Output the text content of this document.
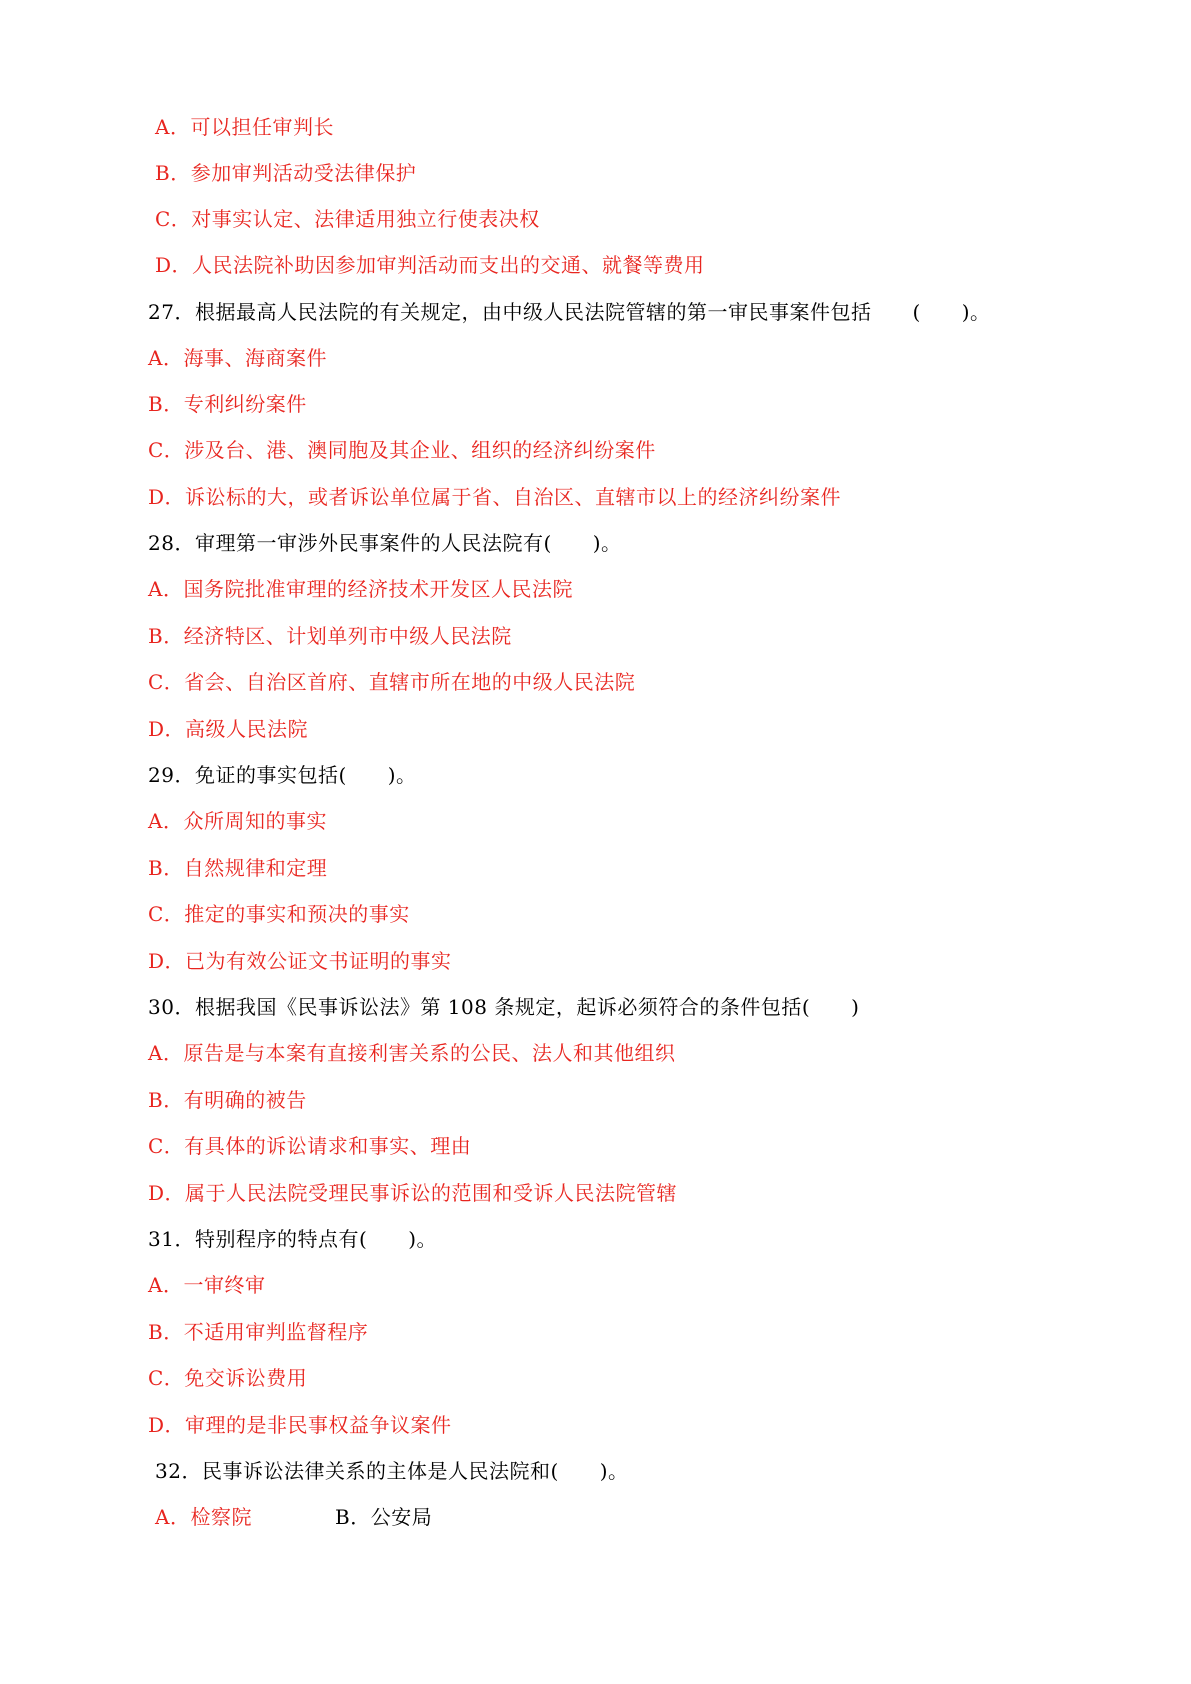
A．可以担任审判长
B．参加审判活动受法律保护
C．对事实认定、法律适用独立行使表决权
D．人民法院补助因参加审判活动而支出的交通、就餐等费用
27．根据最高人民法院的有关规定，由中级人民法院管辖的第一审民事案件包括　　(　　)。
A．海事、海商案件
B．专利纠纷案件
C．涉及台、港、澳同胞及其企业、组织的经济纠纷案件
D．诉讼标的大，或者诉讼单位属于省、自治区、直辖市以上的经济纠纷案件
28．审理第一审涉外民事案件的人民法院有(　　)。
A．国务院批准审理的经济技术开发区人民法院
B．经济特区、计划单列市中级人民法院
C．省会、自治区首府、直辖市所在地的中级人民法院
D．高级人民法院
29．免证的事实包括(　　)。
A．众所周知的事实
B．自然规律和定理
C．推定的事实和预决的事实
D．已为有效公证文书证明的事实
30．根据我国《民事诉讼法》第 108 条规定，起诉必须符合的条件包括(　　)
A．原告是与本案有直接利害关系的公民、法人和其他组织
B．有明确的被告
C．有具体的诉讼请求和事实、理由
D．属于人民法院受理民事诉讼的范围和受诉人民法院管辖
31．特别程序的特点有(　　)。
A．一审终审
B．不适用审判监督程序
C．免交诉讼费用
D．审理的是非民事权益争议案件
32．民事诉讼法律关系的主体是人民法院和(　　)。
A．检察院	B．公安局
